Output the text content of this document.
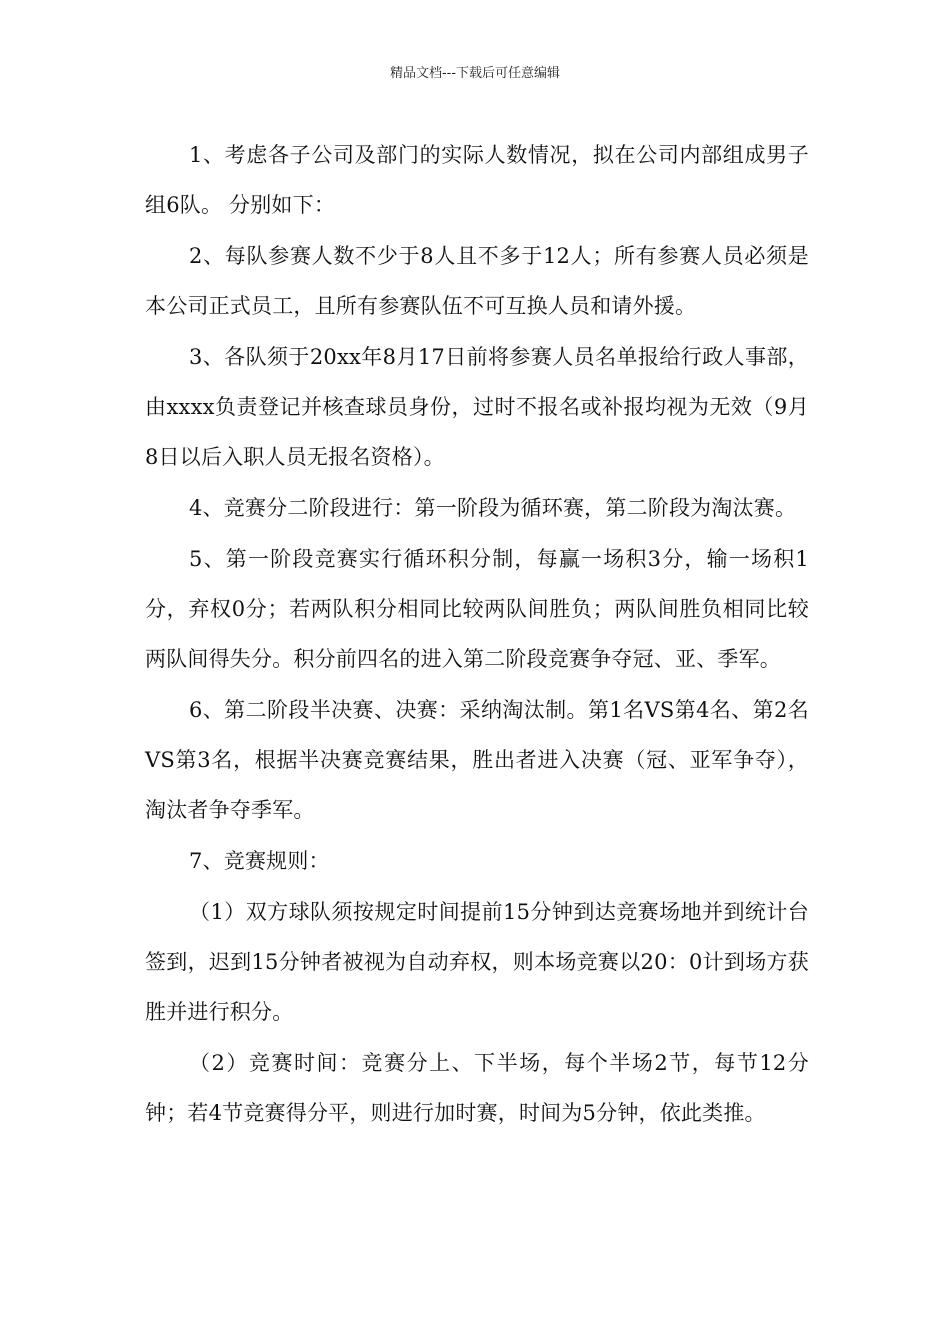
精品文档---下载后可任意编辑

1、考虑各子公司及部门的实际人数情况，拟在公司内部组成男子组6队。 分别如下：

2、每队参赛人数不少于8人且不多于12人；所有参赛人员必须是本公司正式员工，且所有参赛队伍不可互换人员和请外援。

3、各队须于20xx年8月17日前将参赛人员名单报给行政人事部，由xxxx负责登记并核查球员身份，过时不报名或补报均视为无效（9月8日以后入职人员无报名资格）。

4、竞赛分二阶段进行：第一阶段为循环赛，第二阶段为淘汰赛。

5、第一阶段竞赛实行循环积分制，每赢一场积3分，输一场积1分，弃权0分；若两队积分相同比较两队间胜负；两队间胜负相同比较两队间得失分。积分前四名的进入第二阶段竞赛争夺冠、亚、季军。

6、第二阶段半决赛、决赛：采纳淘汰制。第1名VS第4名、第2名VS第3名，根据半决赛竞赛结果，胜出者进入决赛（冠、亚军争夺），淘汰者争夺季军。

7、竞赛规则：

（1）双方球队须按规定时间提前15分钟到达竞赛场地并到统计台签到，迟到15分钟者被视为自动弃权，则本场竞赛以20：0计到场方获胜并进行积分。

（2）竞赛时间：竞赛分上、下半场，每个半场2节，每节12分钟；若4节竞赛得分平，则进行加时赛，时间为5分钟，依此类推。
